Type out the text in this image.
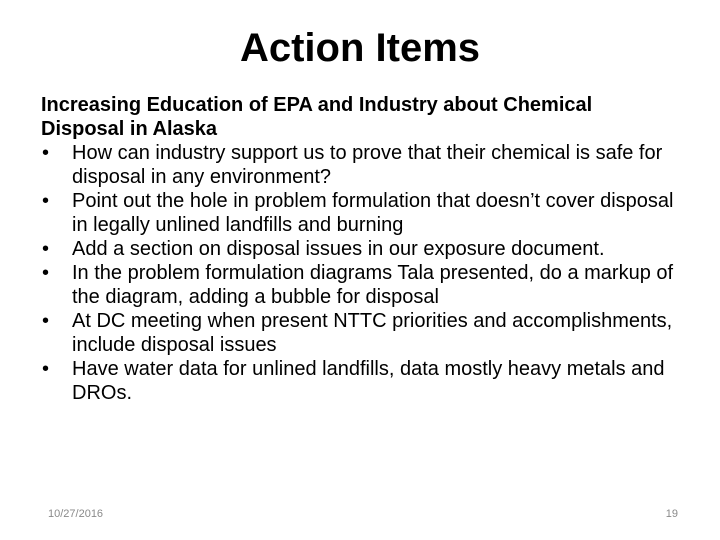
Action Items
Increasing Education of EPA and Industry about Chemical Disposal in Alaska
• How can industry support us to prove that their chemical is safe for disposal in any environment?
• Point out the hole in problem formulation that doesn’t cover disposal in legally unlined landfills and burning
• Add a section on disposal issues in our exposure document.
• In the problem formulation diagrams Tala presented, do a markup of the diagram, adding a bubble for disposal
• At DC meeting when present NTTC priorities and accomplishments, include disposal issues
• Have water data for unlined landfills, data mostly heavy metals and DROs.
10/27/2016	19
